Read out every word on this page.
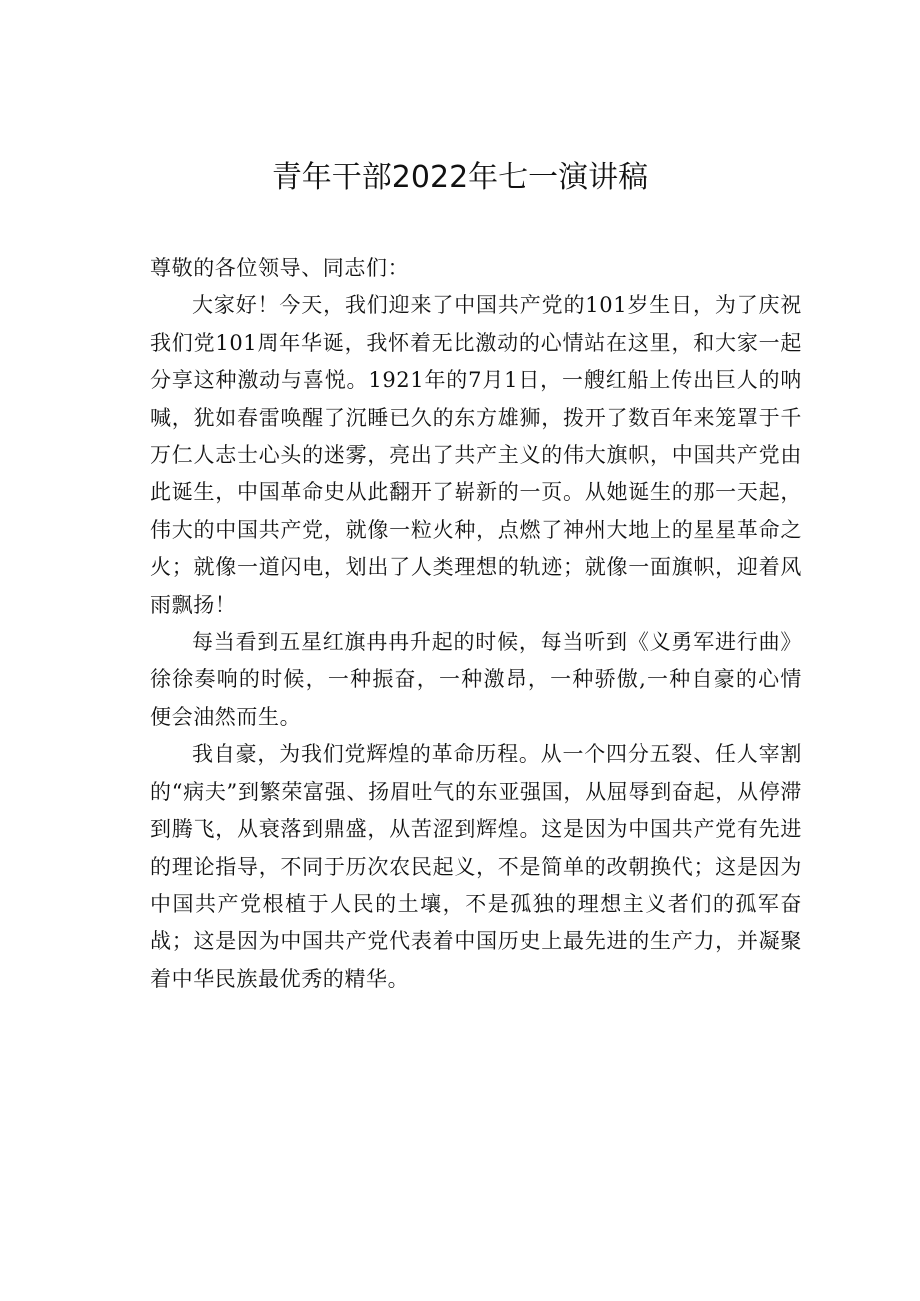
青年干部2022年七一演讲稿

尊敬的各位领导、同志们：

大家好！今天，我们迎来了中国共产党的101岁生日，为了庆祝我们党101周年华诞，我怀着无比激动的心情站在这里，和大家一起分享这种激动与喜悦。1921年的7月1日，一艘红船上传出巨人的呐喊，犹如春雷唤醒了沉睡已久的东方雄狮，拨开了数百年来笼罩于千万仁人志士心头的迷雾，亮出了共产主义的伟大旗帜，中国共产党由此诞生，中国革命史从此翻开了崭新的一页。从她诞生的那一天起，伟大的中国共产党，就像一粒火种，点燃了神州大地上的星星革命之火；就像一道闪电，划出了人类理想的轨迹；就像一面旗帜，迎着风雨飘扬！

每当看到五星红旗冉冉升起的时候，每当听到《义勇军进行曲》徐徐奏响的时候，一种振奋，一种激昂，一种骄傲,一种自豪的心情便会油然而生。

我自豪，为我们党辉煌的革命历程。从一个四分五裂、任人宰割的“病夫”到繁荣富强、扬眉吐气的东亚强国，从屈辱到奋起，从停滞到腾飞，从衰落到鼎盛，从苦涩到辉煌。这是因为中国共产党有先进的理论指导，不同于历次农民起义，不是简单的改朝换代；这是因为中国共产党根植于人民的土壤，不是孤独的理想主义者们的孤军奋战；这是因为中国共产党代表着中国历史上最先进的生产力，并凝聚着中华民族最优秀的精华。
